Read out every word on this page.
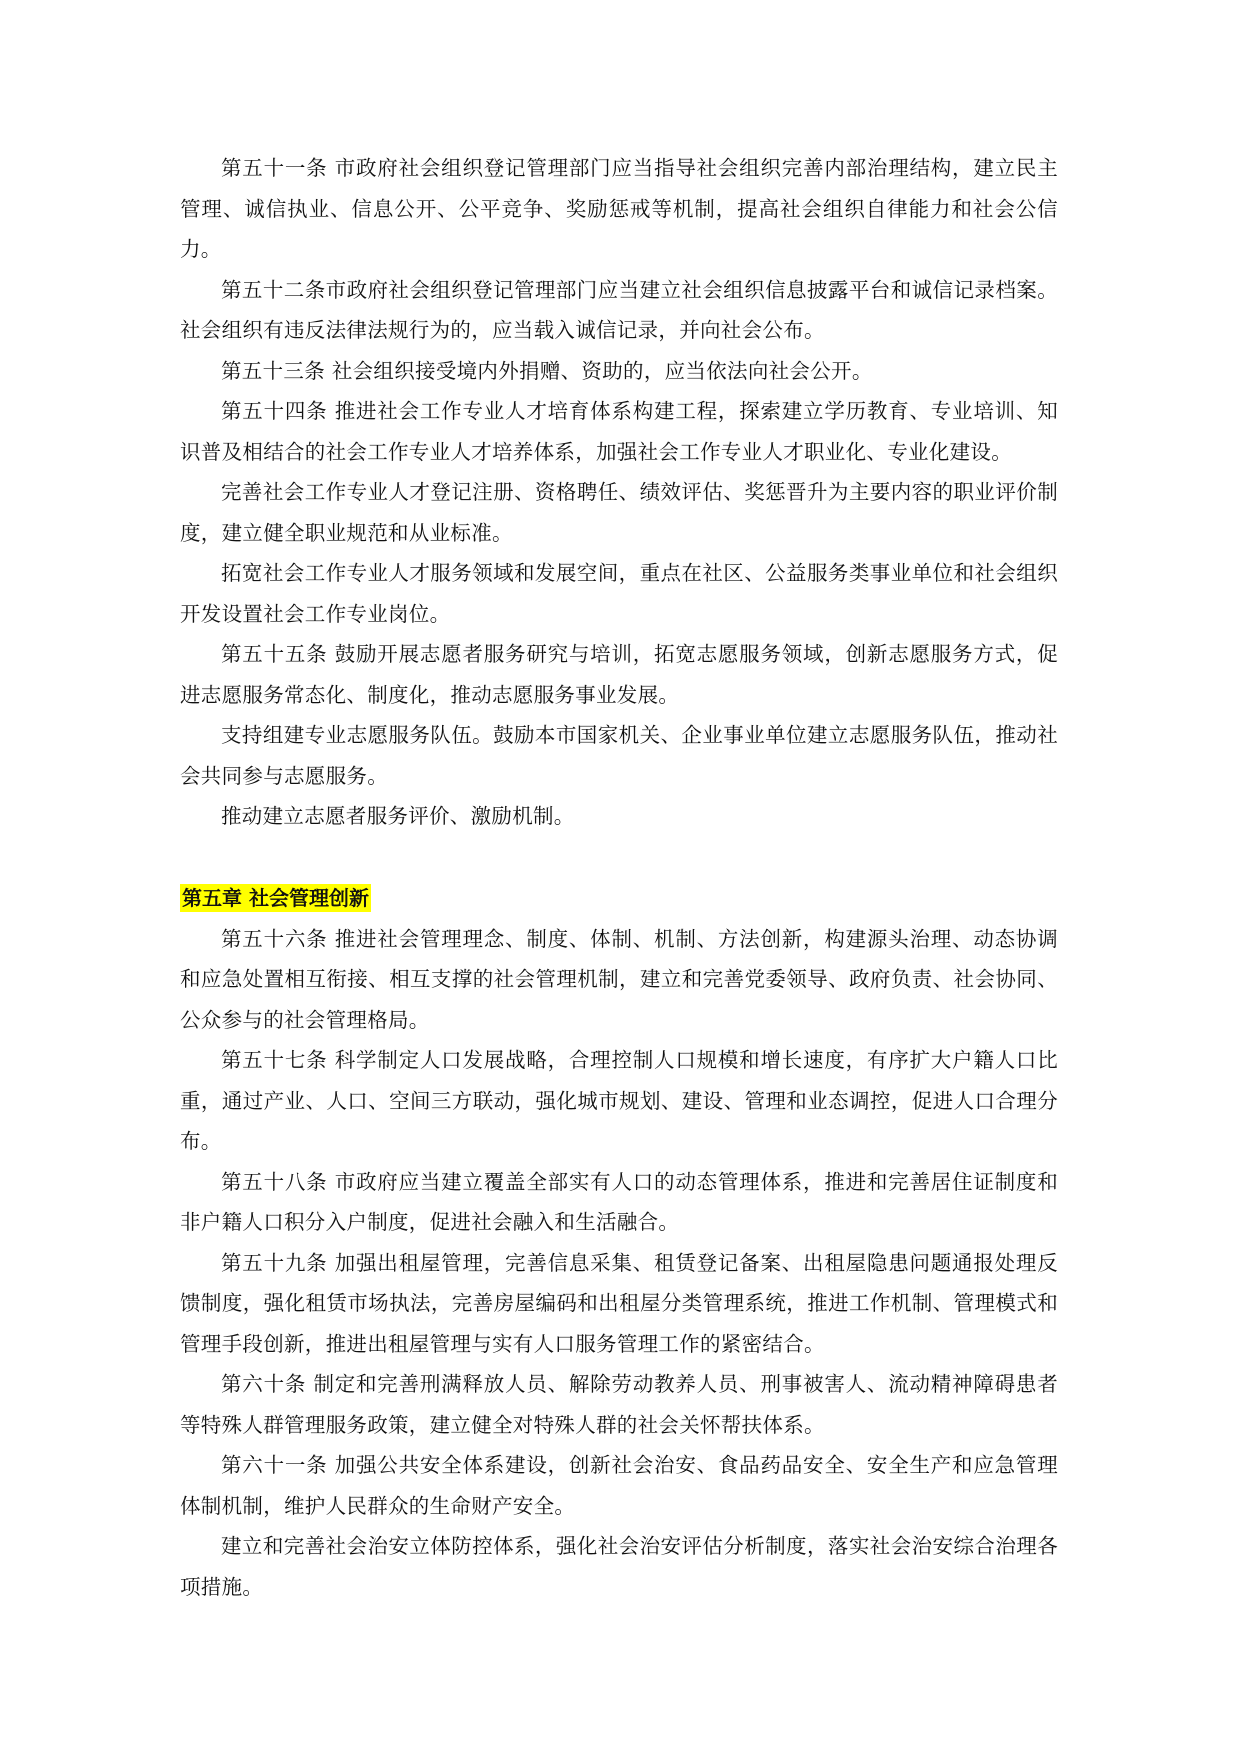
第五十一条 市政府社会组织登记管理部门应当指导社会组织完善内部治理结构，建立民主管理、诚信执业、信息公开、公平竞争、奖励惩戒等机制，提高社会组织自律能力和社会公信力。

第五十二条市政府社会组织登记管理部门应当建立社会组织信息披露平台和诚信记录档案。社会组织有违反法律法规行为的，应当载入诚信记录，并向社会公布。

第五十三条 社会组织接受境内外捐赠、资助的，应当依法向社会公开。

第五十四条 推进社会工作专业人才培育体系构建工程，探索建立学历教育、专业培训、知识普及相结合的社会工作专业人才培养体系，加强社会工作专业人才职业化、专业化建设。

完善社会工作专业人才登记注册、资格聘任、绩效评估、奖惩晋升为主要内容的职业评价制度，建立健全职业规范和从业标准。

拓宽社会工作专业人才服务领域和发展空间，重点在社区、公益服务类事业单位和社会组织开发设置社会工作专业岗位。

第五十五条 鼓励开展志愿者服务研究与培训，拓宽志愿服务领域，创新志愿服务方式，促进志愿服务常态化、制度化，推动志愿服务事业发展。

支持组建专业志愿服务队伍。鼓励本市国家机关、企业事业单位建立志愿服务队伍，推动社会共同参与志愿服务。

推动建立志愿者服务评价、激励机制。

第五章 社会管理创新

第五十六条 推进社会管理理念、制度、体制、机制、方法创新，构建源头治理、动态协调和应急处置相互衔接、相互支撑的社会管理机制，建立和完善党委领导、政府负责、社会协同、公众参与的社会管理格局。

第五十七条 科学制定人口发展战略，合理控制人口规模和增长速度，有序扩大户籍人口比重，通过产业、人口、空间三方联动，强化城市规划、建设、管理和业态调控，促进人口合理分布。

第五十八条 市政府应当建立覆盖全部实有人口的动态管理体系，推进和完善居住证制度和非户籍人口积分入户制度，促进社会融入和生活融合。

第五十九条 加强出租屋管理，完善信息采集、租赁登记备案、出租屋隐患问题通报处理反馈制度，强化租赁市场执法，完善房屋编码和出租屋分类管理系统，推进工作机制、管理模式和管理手段创新，推进出租屋管理与实有人口服务管理工作的紧密结合。

第六十条 制定和完善刑满释放人员、解除劳动教养人员、刑事被害人、流动精神障碍患者等特殊人群管理服务政策，建立健全对特殊人群的社会关怀帮扶体系。

第六十一条 加强公共安全体系建设，创新社会治安、食品药品安全、安全生产和应急管理体制机制，维护人民群众的生命财产安全。

建立和完善社会治安立体防控体系，强化社会治安评估分析制度，落实社会治安综合治理各项措施。
